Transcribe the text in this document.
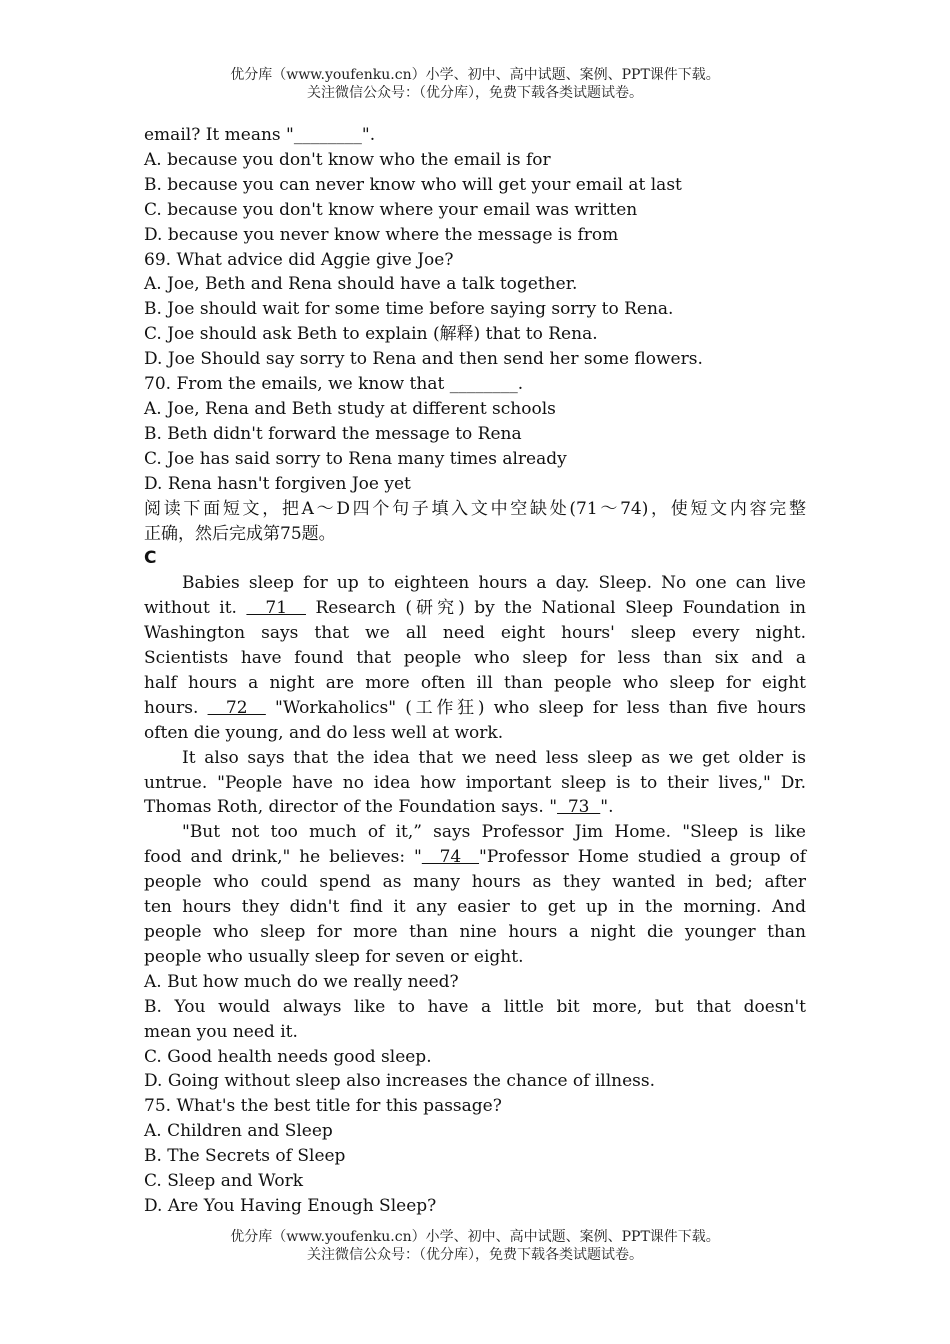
优分库（www.youfenku.cn）小学、初中、高中试题、案例、PPT课件下载。
关注微信公众号：（优分库），免费下载各类试题试卷。
email? It means "________".
A. because you don't know who the email is for
B. because you can never know who will get your email at last
C. because you don't know where your email was written
D. because you never know where the message is from
69. What advice did Aggie give Joe?
A. Joe, Beth and Rena should have a talk together.
B. Joe should wait for some time before saying sorry to Rena.
C. Joe should ask Beth to explain (解释) that to Rena.
D. Joe Should say sorry to Rena and then send her some flowers.
70. From the emails, we know that ________.
A. Joe, Rena and Beth study at different schools
B. Beth didn't forward the message to Rena
C. Joe has said sorry to Rena many times already
D. Rena hasn't forgiven Joe yet
阅读下面短文，把A～D四个句子填入文中空缺处(71～74)，使短文内容完整
正确，然后完成第75题。
C
Babies sleep for up to eighteen hours a day. Sleep. No one can live
without it.   71   Research (研究) by the National Sleep Foundation in
Washington says that we all need eight hours' sleep every night.
Scientists have found that people who sleep for less than six and a
half hours a night are more often ill than people who sleep for eight
hours.   72   "Workaholics" (工作狂) who sleep for less than five hours
often die young, and do less well at work.
It also says that the idea that we need less sleep as we get older is
untrue. "People have no idea how important sleep is to their lives," Dr.
Thomas Roth, director of the Foundation says. "  73  ".
"But not too much of it,” says Professor Jim Home. "Sleep is like
food and drink," he believes: "  74  "Professor Home studied a group of
people who could spend as many hours as they wanted in bed; after
ten hours they didn't find it any easier to get up in the morning. And
people who sleep for more than nine hours a night die younger than
people who usually sleep for seven or eight.
A. But how much do we really need?
B. You would always like to have a little bit more, but that doesn't
mean you need it.
C. Good health needs good sleep.
D. Going without sleep also increases the chance of illness.
75. What's the best title for this passage?
A. Children and Sleep
B. The Secrets of Sleep
C. Sleep and Work
D. Are You Having Enough Sleep?
优分库（www.youfenku.cn）小学、初中、高中试题、案例、PPT课件下载。
关注微信公众号：（优分库），免费下载各类试题试卷。
